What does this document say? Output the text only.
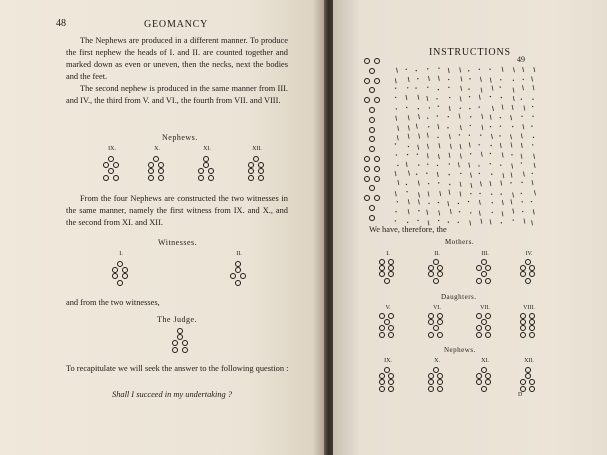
48	GEOMANCY

The Nephews are produced in a different manner. To produce the first nephew the heads of I. and II. are counted together and marked down as even or uneven, then the necks, next the bodies and the feet.

The second nephew is produced in the same manner from III. and IV., the third from V. and VI., the fourth from VII. and VIII.

Nephews.

IX.	X.	XI.	XII.

From the four Nephews are constructed the two witnesses in the same manner, namely the first witness from IX. and X., and the second from XI. and XII.

Witnesses.

I.	II.

and from the two witnesses,

The Judge.

To recapitulate we will seek the answer to the following question :

Shall I succeed in my undertaking ?

INSTRUCTIONS

49

We have, therefore, the

Mothers.

I.	II.	III.	IV.

Daughters.

V.	VI.	VII.	VIII.

Nephews.

IX.	X.	XI.	XII.

D
